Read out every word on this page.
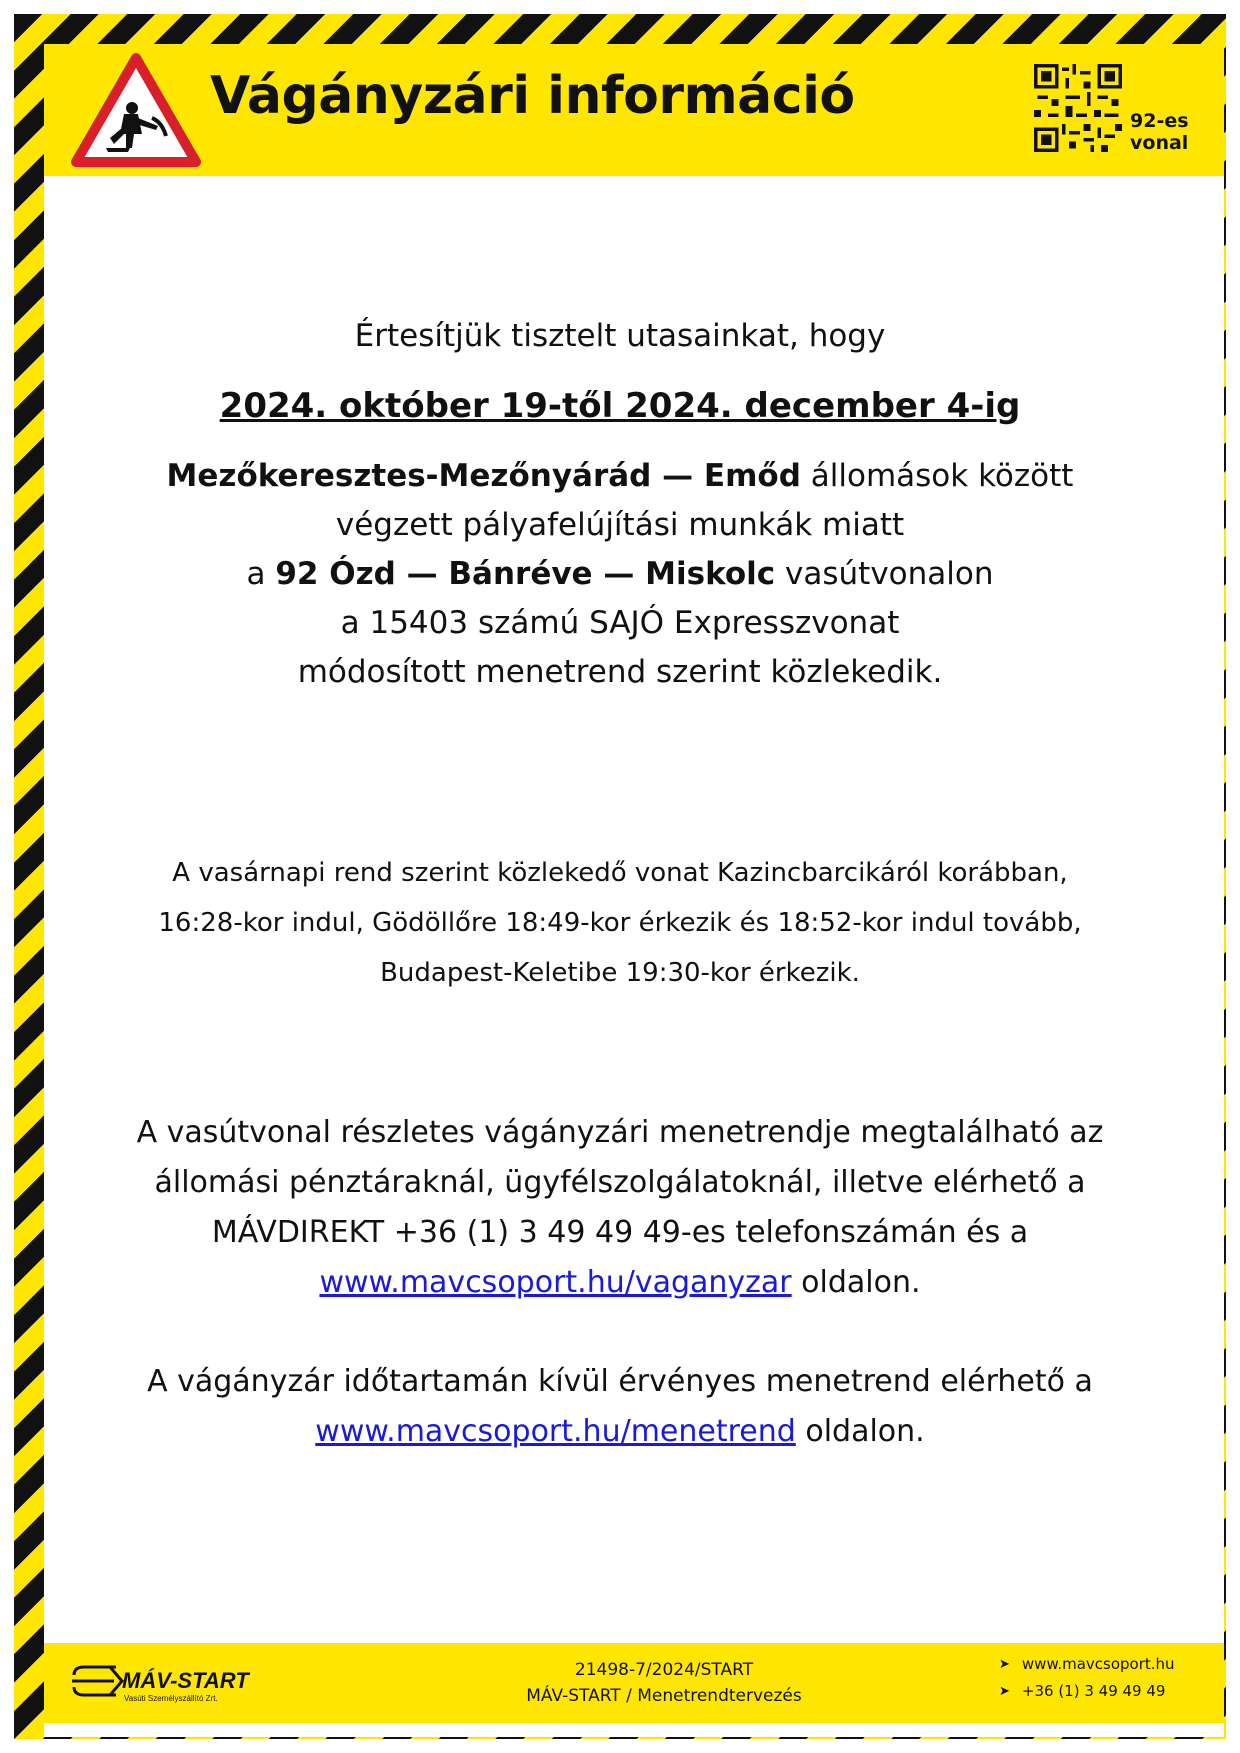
Vágányzári információ	92-es
vonal
Értesítjük tisztelt utasainkat, hogy
2024. október 19-től 2024. december 4-ig
Mezőkeresztes-Mezőnyárád — Emőd állomások között
végzett pályafelújítási munkák miatt
a 92 Ózd — Bánréve — Miskolc vasútvonalon
a 15403 számú SAJÓ Expresszvonat
módosított menetrend szerint közlekedik.
A vasárnapi rend szerint közlekedő vonat Kazincbarcikáról korábban,
16:28-kor indul, Gödöllőre 18:49-kor érkezik és 18:52-kor indul tovább,
Budapest-Keletibe 19:30-kor érkezik.
A vasútvonal részletes vágányzári menetrendje megtalálható az
állomási pénztáraknál, ügyfélszolgálatoknál, illetve elérhető a
MÁVDIREKT +36 (1) 3 49 49 49-es telefonszámán és a
www.mavcsoport.hu/vaganyzar oldalon.
A vágányzár időtartamán kívül érvényes menetrend elérhető a
www.mavcsoport.hu/menetrend oldalon.
MÁV-START
Vasúti Személyszállító Zrt.
21498-7/2024/START
MÁV-START / Menetrendtervezés
➤ www.mavcsoport.hu
➤ +36 (1) 3 49 49 49
